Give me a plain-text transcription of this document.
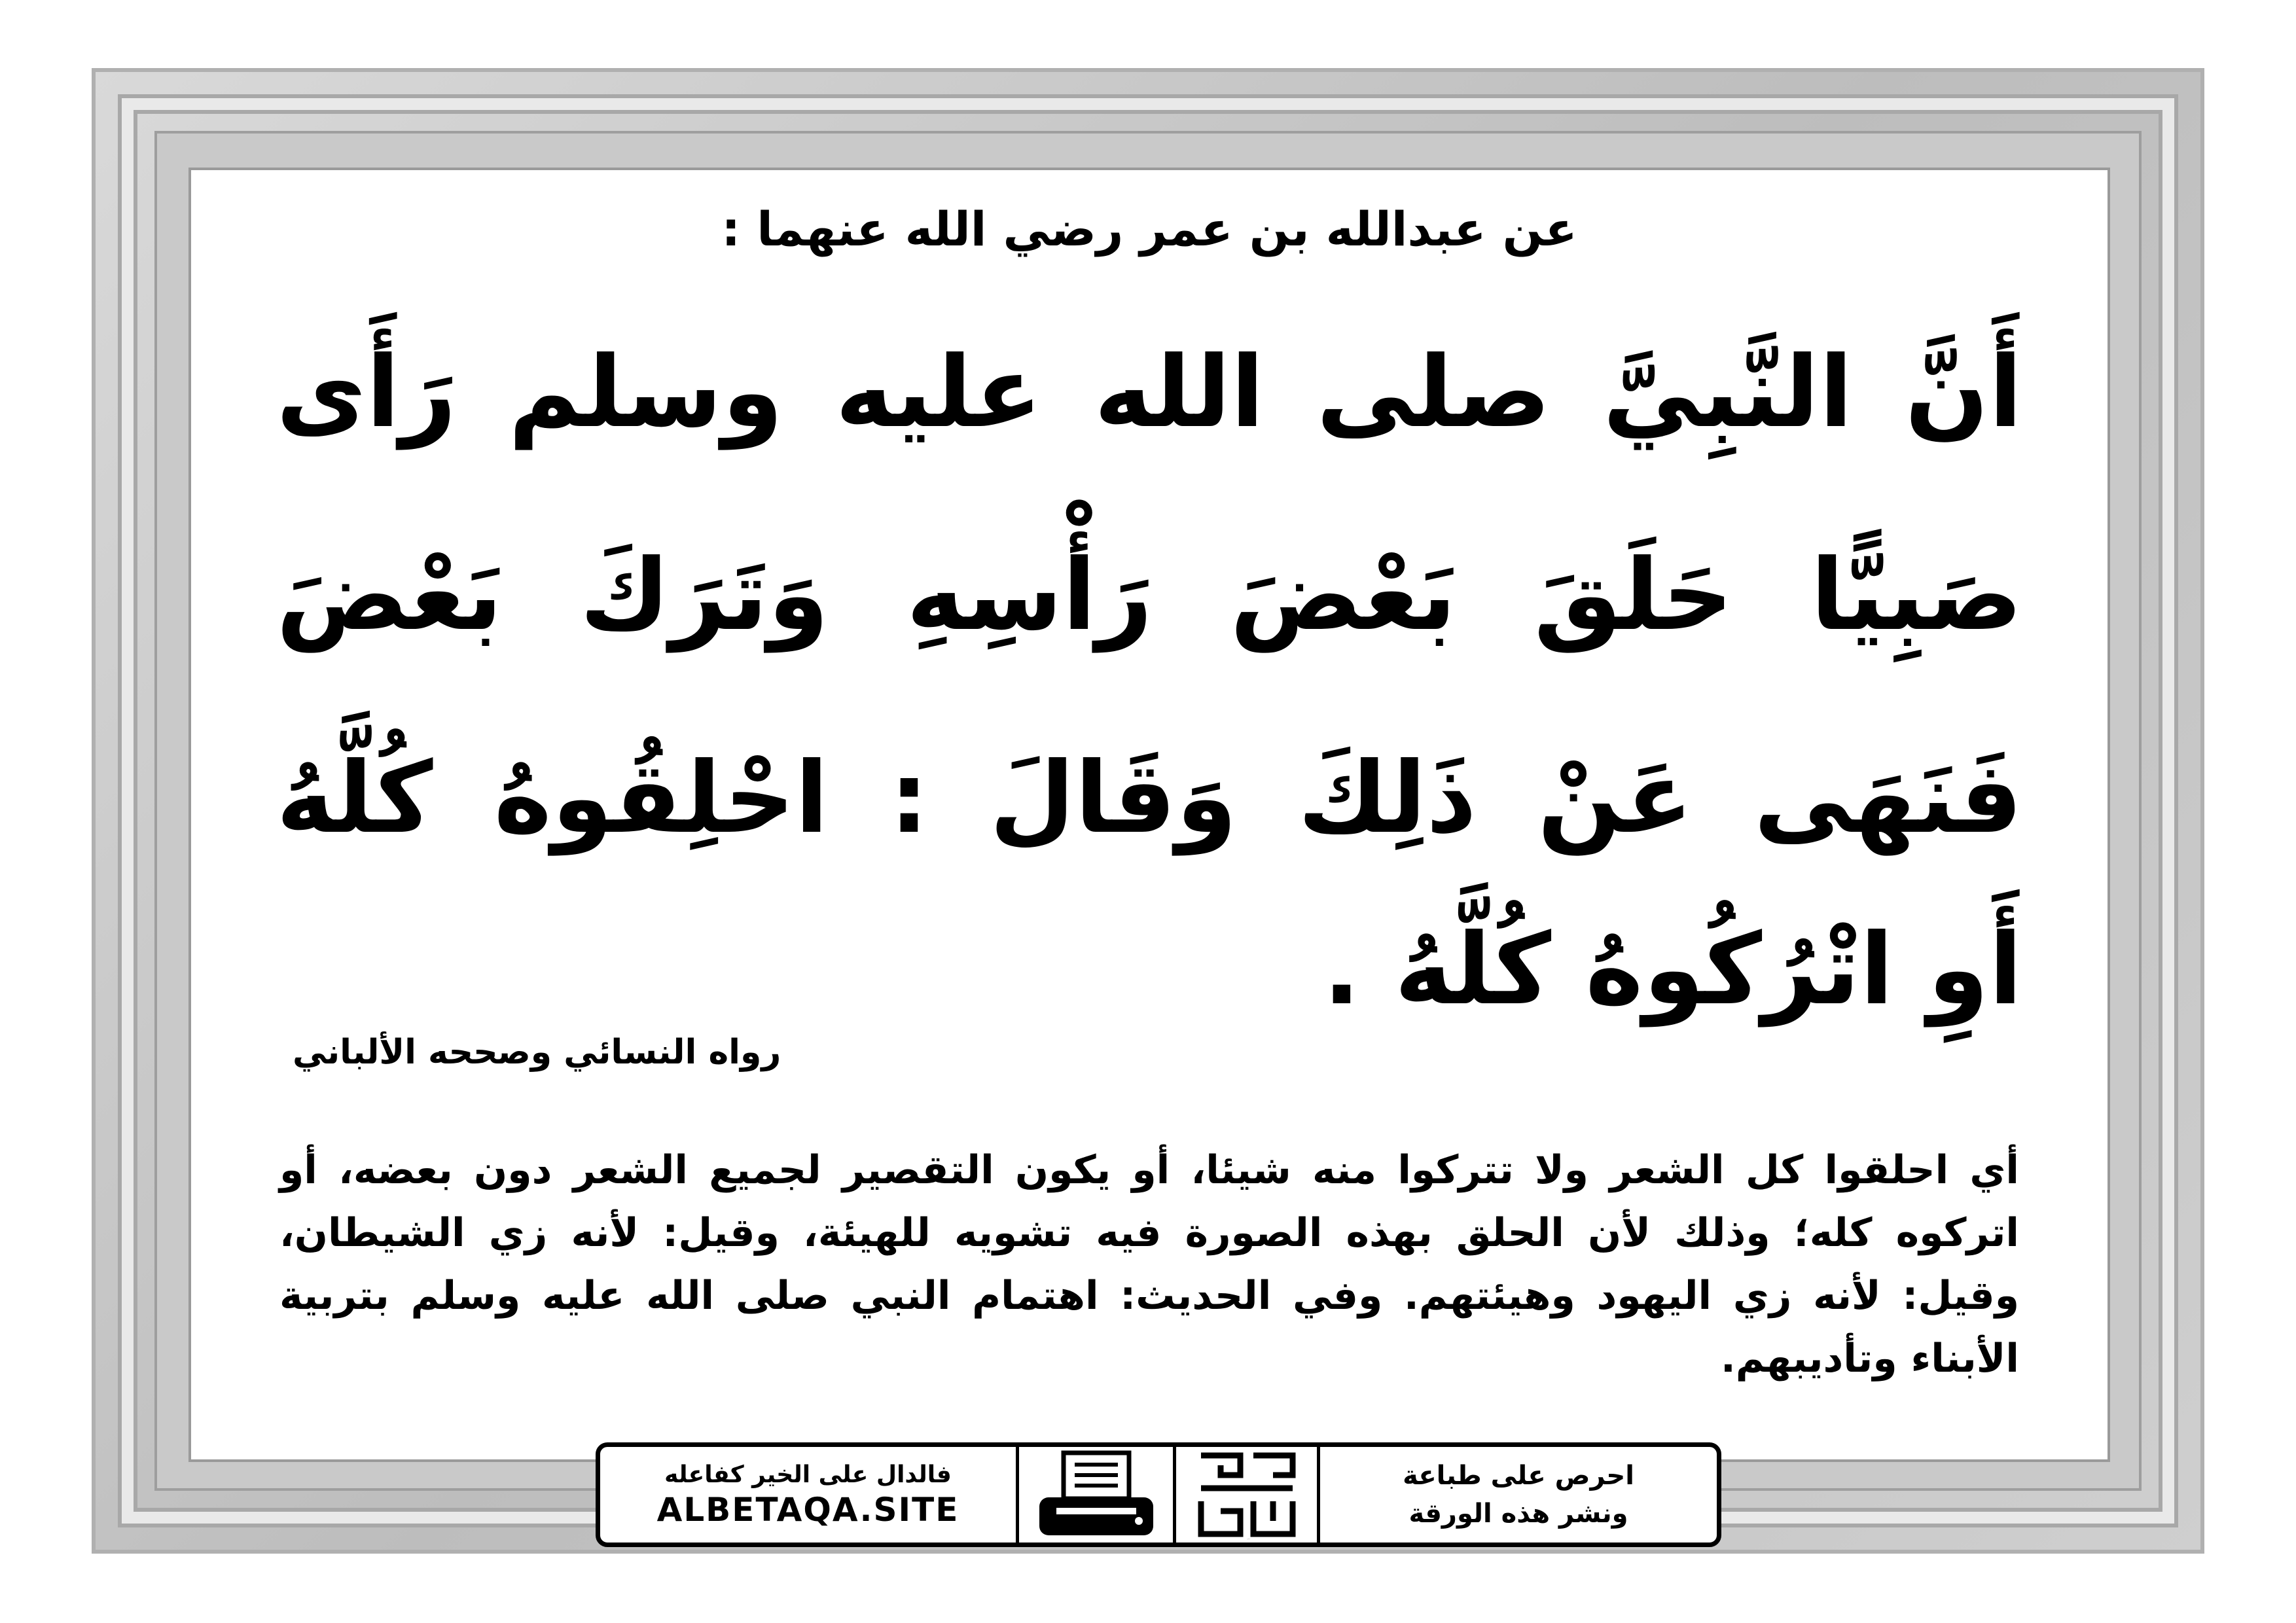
عن عبدالله بن عمر رضي الله عنهما :
أَنَّ النَّبِيَّ صلى الله عليه وسلم رَأَى
صَبِيًّا حَلَقَ بَعْضَ رَأْسِهِ وَتَرَكَ بَعْضَ
فَنَهَى عَنْ ذَلِكَ وَقَالَ : احْلِقُوهُ كُلَّهُ
أَوِ اتْرُكُوهُ كُلَّهُ .
رواه النسائي وصححه الألباني
أي احلقوا كل الشعر ولا تتركوا منه شيئا، أو يكون التقصير لجميع الشعر دون بعضه، أو اتركوه كله؛ وذلك لأن الحلق بهذه الصورة فيه تشويه للهيئة، وقيل: لأنه زي الشيطان، وقيل: لأنه زي اليهود وهيئتهم. وفي الحديث: اهتمام النبي صلى الله عليه وسلم بتربية الأبناء وتأديبهم.
فالدال على الخير كفاعله
ALBETAQA.SITE
دعوة الورقة
احرص على طباعة
ونشر هذه الورقة
